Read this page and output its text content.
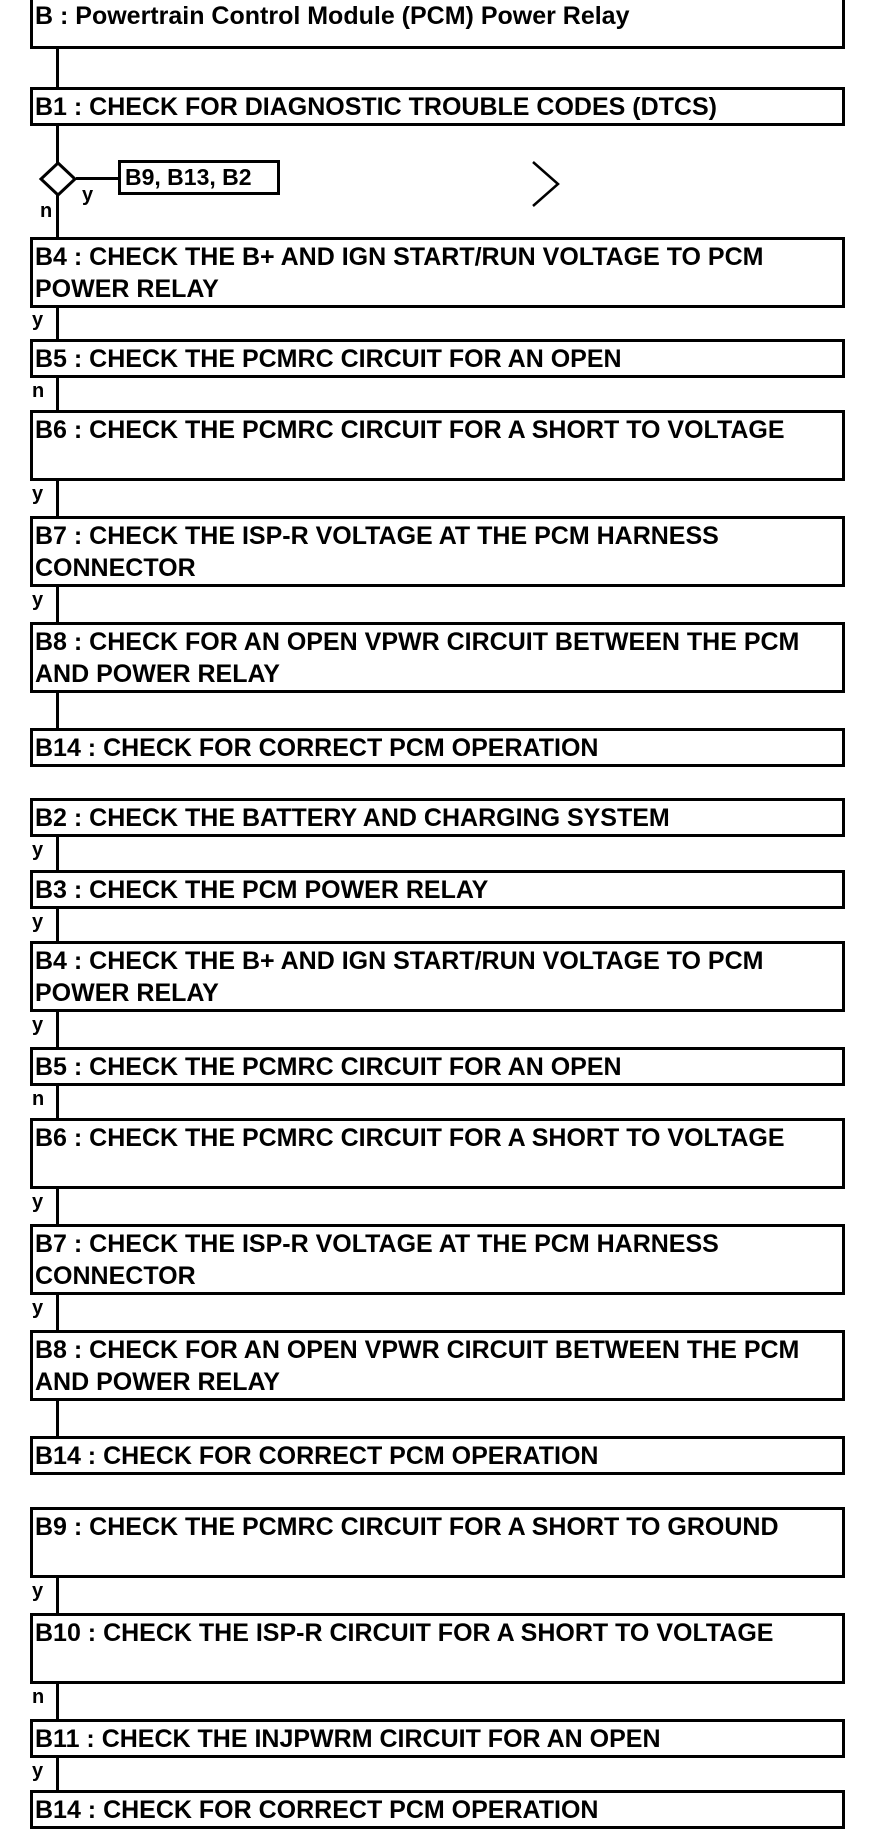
B : Powertrain Control Module (PCM) Power Relay
B1 : CHECK FOR DIAGNOSTIC TROUBLE CODES (DTCS)
n
y
B9, B13, B2
B4 : CHECK THE B+ AND IGN START/RUN VOLTAGE TO PCM POWER RELAY
y
B5 : CHECK THE PCMRC CIRCUIT FOR AN OPEN
n
B6 : CHECK THE PCMRC CIRCUIT FOR A SHORT TO VOLTAGE
y
B7 : CHECK THE ISP-R VOLTAGE AT THE PCM HARNESS CONNECTOR
y
B8 : CHECK FOR AN OPEN VPWR CIRCUIT BETWEEN THE PCM AND POWER RELAY
B14 : CHECK FOR CORRECT PCM OPERATION
B2 : CHECK THE BATTERY AND CHARGING SYSTEM
y
B3 : CHECK THE PCM POWER RELAY
y
B4 : CHECK THE B+ AND IGN START/RUN VOLTAGE TO PCM POWER RELAY
y
B5 : CHECK THE PCMRC CIRCUIT FOR AN OPEN
n
B6 : CHECK THE PCMRC CIRCUIT FOR A SHORT TO VOLTAGE
y
B7 : CHECK THE ISP-R VOLTAGE AT THE PCM HARNESS CONNECTOR
y
B8 : CHECK FOR AN OPEN VPWR CIRCUIT BETWEEN THE PCM AND POWER RELAY
B14 : CHECK FOR CORRECT PCM OPERATION
B9 : CHECK THE PCMRC CIRCUIT FOR A SHORT TO GROUND
y
B10 : CHECK THE ISP-R CIRCUIT FOR A SHORT TO VOLTAGE
n
B11 : CHECK THE INJPWRM CIRCUIT FOR AN OPEN
y
B14 : CHECK FOR CORRECT PCM OPERATION
